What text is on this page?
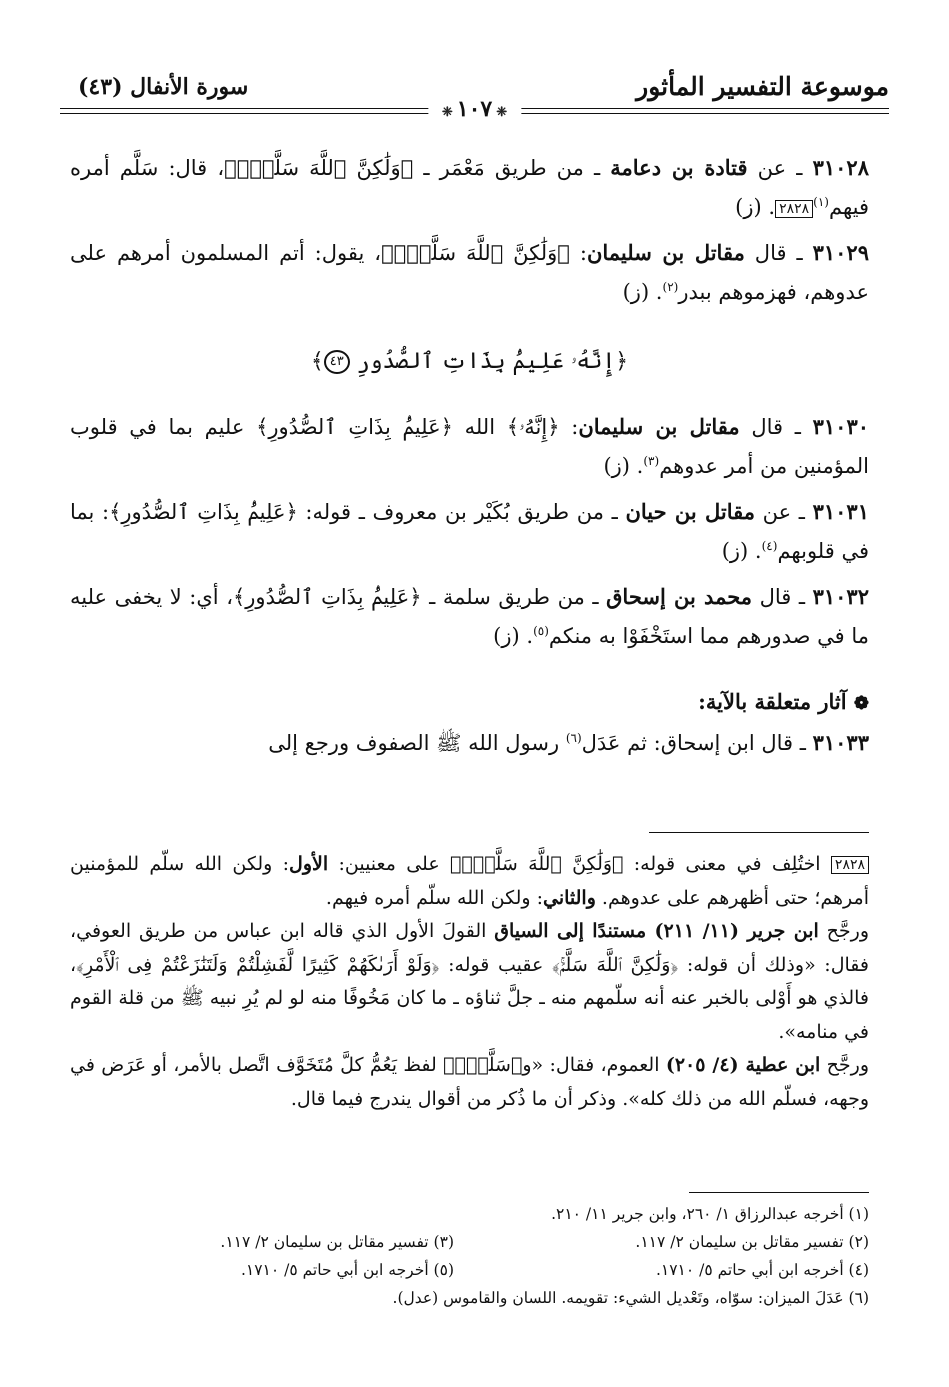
موسوعة التفسير المأثور
سورة الأنفال (٤٣)
❈١٠٧❈
٣١٠٢٨ ـ عن قتادة بن دعامة ـ من طريق مَعْمَر ـ ﴿وَلَٰكِنَّ ٱللَّهَ سَلَّمَۚ﴾، قال: سَلَّم أمره فيهم$^{(١)}$٢٨٢٨. (ز)
٣١٠٢٩ ـ قال مقاتل بن سليمان: ﴿وَلَٰكِنَّ ٱللَّهَ سَلَّمَۚ﴾، يقول: أتم المسلمون أمرهم على عدوهم، فهزموهم ببدر$^{(٢)}$. (ز)
﴿إِنَّهُۥ عَلِيمُۢ بِذَاتِ ٱلصُّدُورِ ٤٣﴾
٣١٠٣٠ ـ قال مقاتل بن سليمان: ﴿إِنَّهُۥ﴾ الله ﴿عَلِيمُۢ بِذَاتِ ٱلصُّدُورِ﴾ عليم بما في قلوب المؤمنين من أمر عدوهم$^{(٣)}$. (ز)
٣١٠٣١ ـ عن مقاتل بن حيان ـ من طريق بُكَيْر بن معروف ـ قوله: ﴿عَلِيمُۢ بِذَاتِ ٱلصُّدُورِ﴾: بما في قلوبهم$^{(٤)}$. (ز)
٣١٠٣٢ ـ قال محمد بن إسحاق ـ من طريق سلمة ـ ﴿عَلِيمُۢ بِذَاتِ ٱلصُّدُورِ﴾، أي: لا يخفى عليه ما في صدورهم مما استَخْفَوْا به منكم$^{(٥)}$. (ز)
❁ آثار متعلقة بالآية:
٣١٠٣٣ ـ قال ابن إسحاق: ثم عَدَل$^{(٦)}$ رسول الله ﷺ الصفوف ورجع إلى

٢٨٢٨ اختُلِف في معنى قوله: ﴿وَلَٰكِنَّ ٱللَّهَ سَلَّمَۚ﴾ على معنيين: الأول: ولكن الله سلّم للمؤمنين أمرهم؛ حتى أظهرهم على عدوهم. والثاني: ولكن الله سلّم أمره فيهم.

ورجَّح ابن جرير (١١/ ٢١١) مستندًا إلى السياق القولَ الأول الذي قاله ابن عباس من طريق العوفي، فقال: «وذلك أن قوله: ﴿وَلَٰكِنَّ ٱللَّهَ سَلَّمَۚ﴾ عقيب قوله: ﴿وَلَوْ أَرَىٰكَهُمْ كَثِيرًا لَّفَشِلْتُمْ وَلَتَنَٰزَعْتُمْ فِى ٱلْأَمْرِ﴾، فالذي هو أَوْلى بالخبر عنه أنه سلّمهم منه ـ جلَّ ثناؤه ـ ما كان مَخُوفًا منه لو لم يُرِ نبيه ﷺ من قلة القوم في منامه».

ورجَّح ابن عطية (٤/ ٢٠٥) العموم، فقال: «و﴿سَلَّمَۚ﴾ لفظ يَعُمُّ كلَّ مُتَخَوَّف اتَّصل بالأمر، أو عَرَض في وجهه، فسلّم الله من ذلك كله». وذكر أن ما ذُكر من أقوال يندرج فيما قال.

(١) أخرجه عبدالرزاق ١/ ٢٦٠، وابن جرير ١١/ ٢١٠.
(٢) تفسير مقاتل بن سليمان ٢/ ١١٧.
(٣) تفسير مقاتل بن سليمان ٢/ ١١٧.
(٤) أخرجه ابن أبي حاتم ٥/ ١٧١٠.
(٥) أخرجه ابن أبي حاتم ٥/ ١٧١٠.
(٦) عَدَلَ الميزان: سوّاه، وتَعْديل الشيء: تقويمه. اللسان والقاموس (عدل).
